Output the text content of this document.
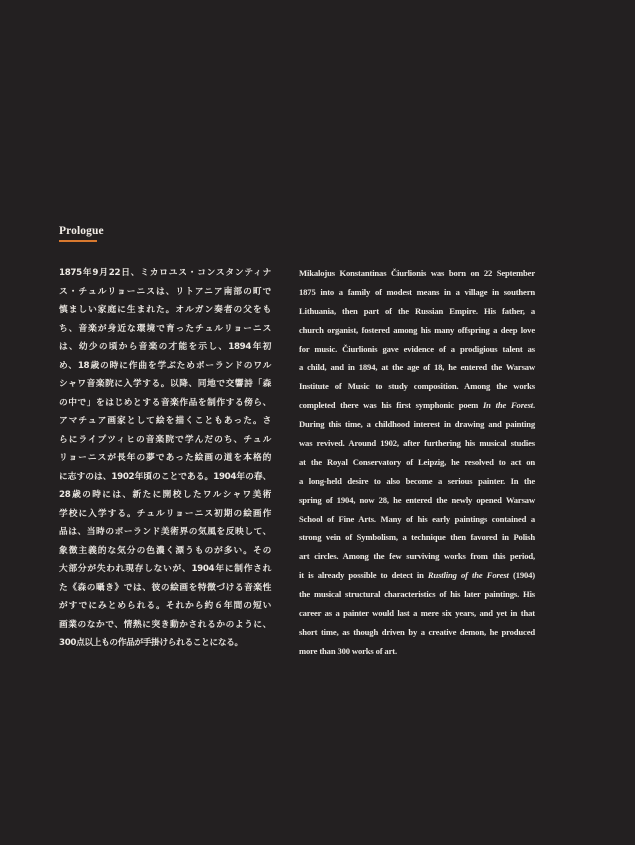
Prologue
1875年9月22日、ミカロユス・コンスタンティナ
ス・チュルリョーニスは、リトアニア南部の町で
慎ましい家庭に生まれた。オルガン奏者の父をも
ち、音楽が身近な環境で育ったチュルリョーニス
は、幼少の頃から音楽の才能を示し、1894年初
め、18歳の時に作曲を学ぶためポーランドのワル
シャワ音楽院に入学する。以降、同地で交響詩「森
の中で」をはじめとする音楽作品を制作する傍ら、
アマチュア画家として絵を描くこともあった。さ
らにライプツィヒの音楽院で学んだのち、チュル
リョーニスが長年の夢であった絵画の道を本格的
に志すのは、1902年頃のことである。1904年の春、
28歳の時には、新たに開校したワルシャワ美術
学校に入学する。チュルリョーニス初期の絵画作
品は、当時のポーランド美術界の気風を反映して、
象徴主義的な気分の色濃く漂うものが多い。その
大部分が失われ現存しないが、1904年に制作され
た《森の囁き》では、彼の絵画を特徴づける音楽性
がすでにみとめられる。それから約６年間の短い
画業のなかで、情熱に突き動かされるかのように、
300点以上もの作品が手掛けられることになる。
Mikalojus Konstantinas Čiurlionis was born on 22 September
1875 into a family of modest means in a village in southern
Lithuania, then part of the Russian Empire. His father, a
church organist, fostered among his many offspring a deep love
for music. Čiurlionis gave evidence of a prodigious talent as
a child, and in 1894, at the age of 18, he entered the Warsaw
Institute of Music to study composition. Among the works
completed there was his first symphonic poem In the Forest.
During this time, a childhood interest in drawing and painting
was revived. Around 1902, after furthering his musical studies
at the Royal Conservatory of Leipzig, he resolved to act on
a long-held desire to also become a serious painter. In the
spring of 1904, now 28, he entered the newly opened Warsaw
School of Fine Arts. Many of his early paintings contained a
strong vein of Symbolism, a technique then favored in Polish
art circles. Among the few surviving works from this period,
it is already possible to detect in Rustling of the Forest (1904)
the musical structural characteristics of his later paintings. His
career as a painter would last a mere six years, and yet in that
short time, as though driven by a creative demon, he produced
more than 300 works of art.
